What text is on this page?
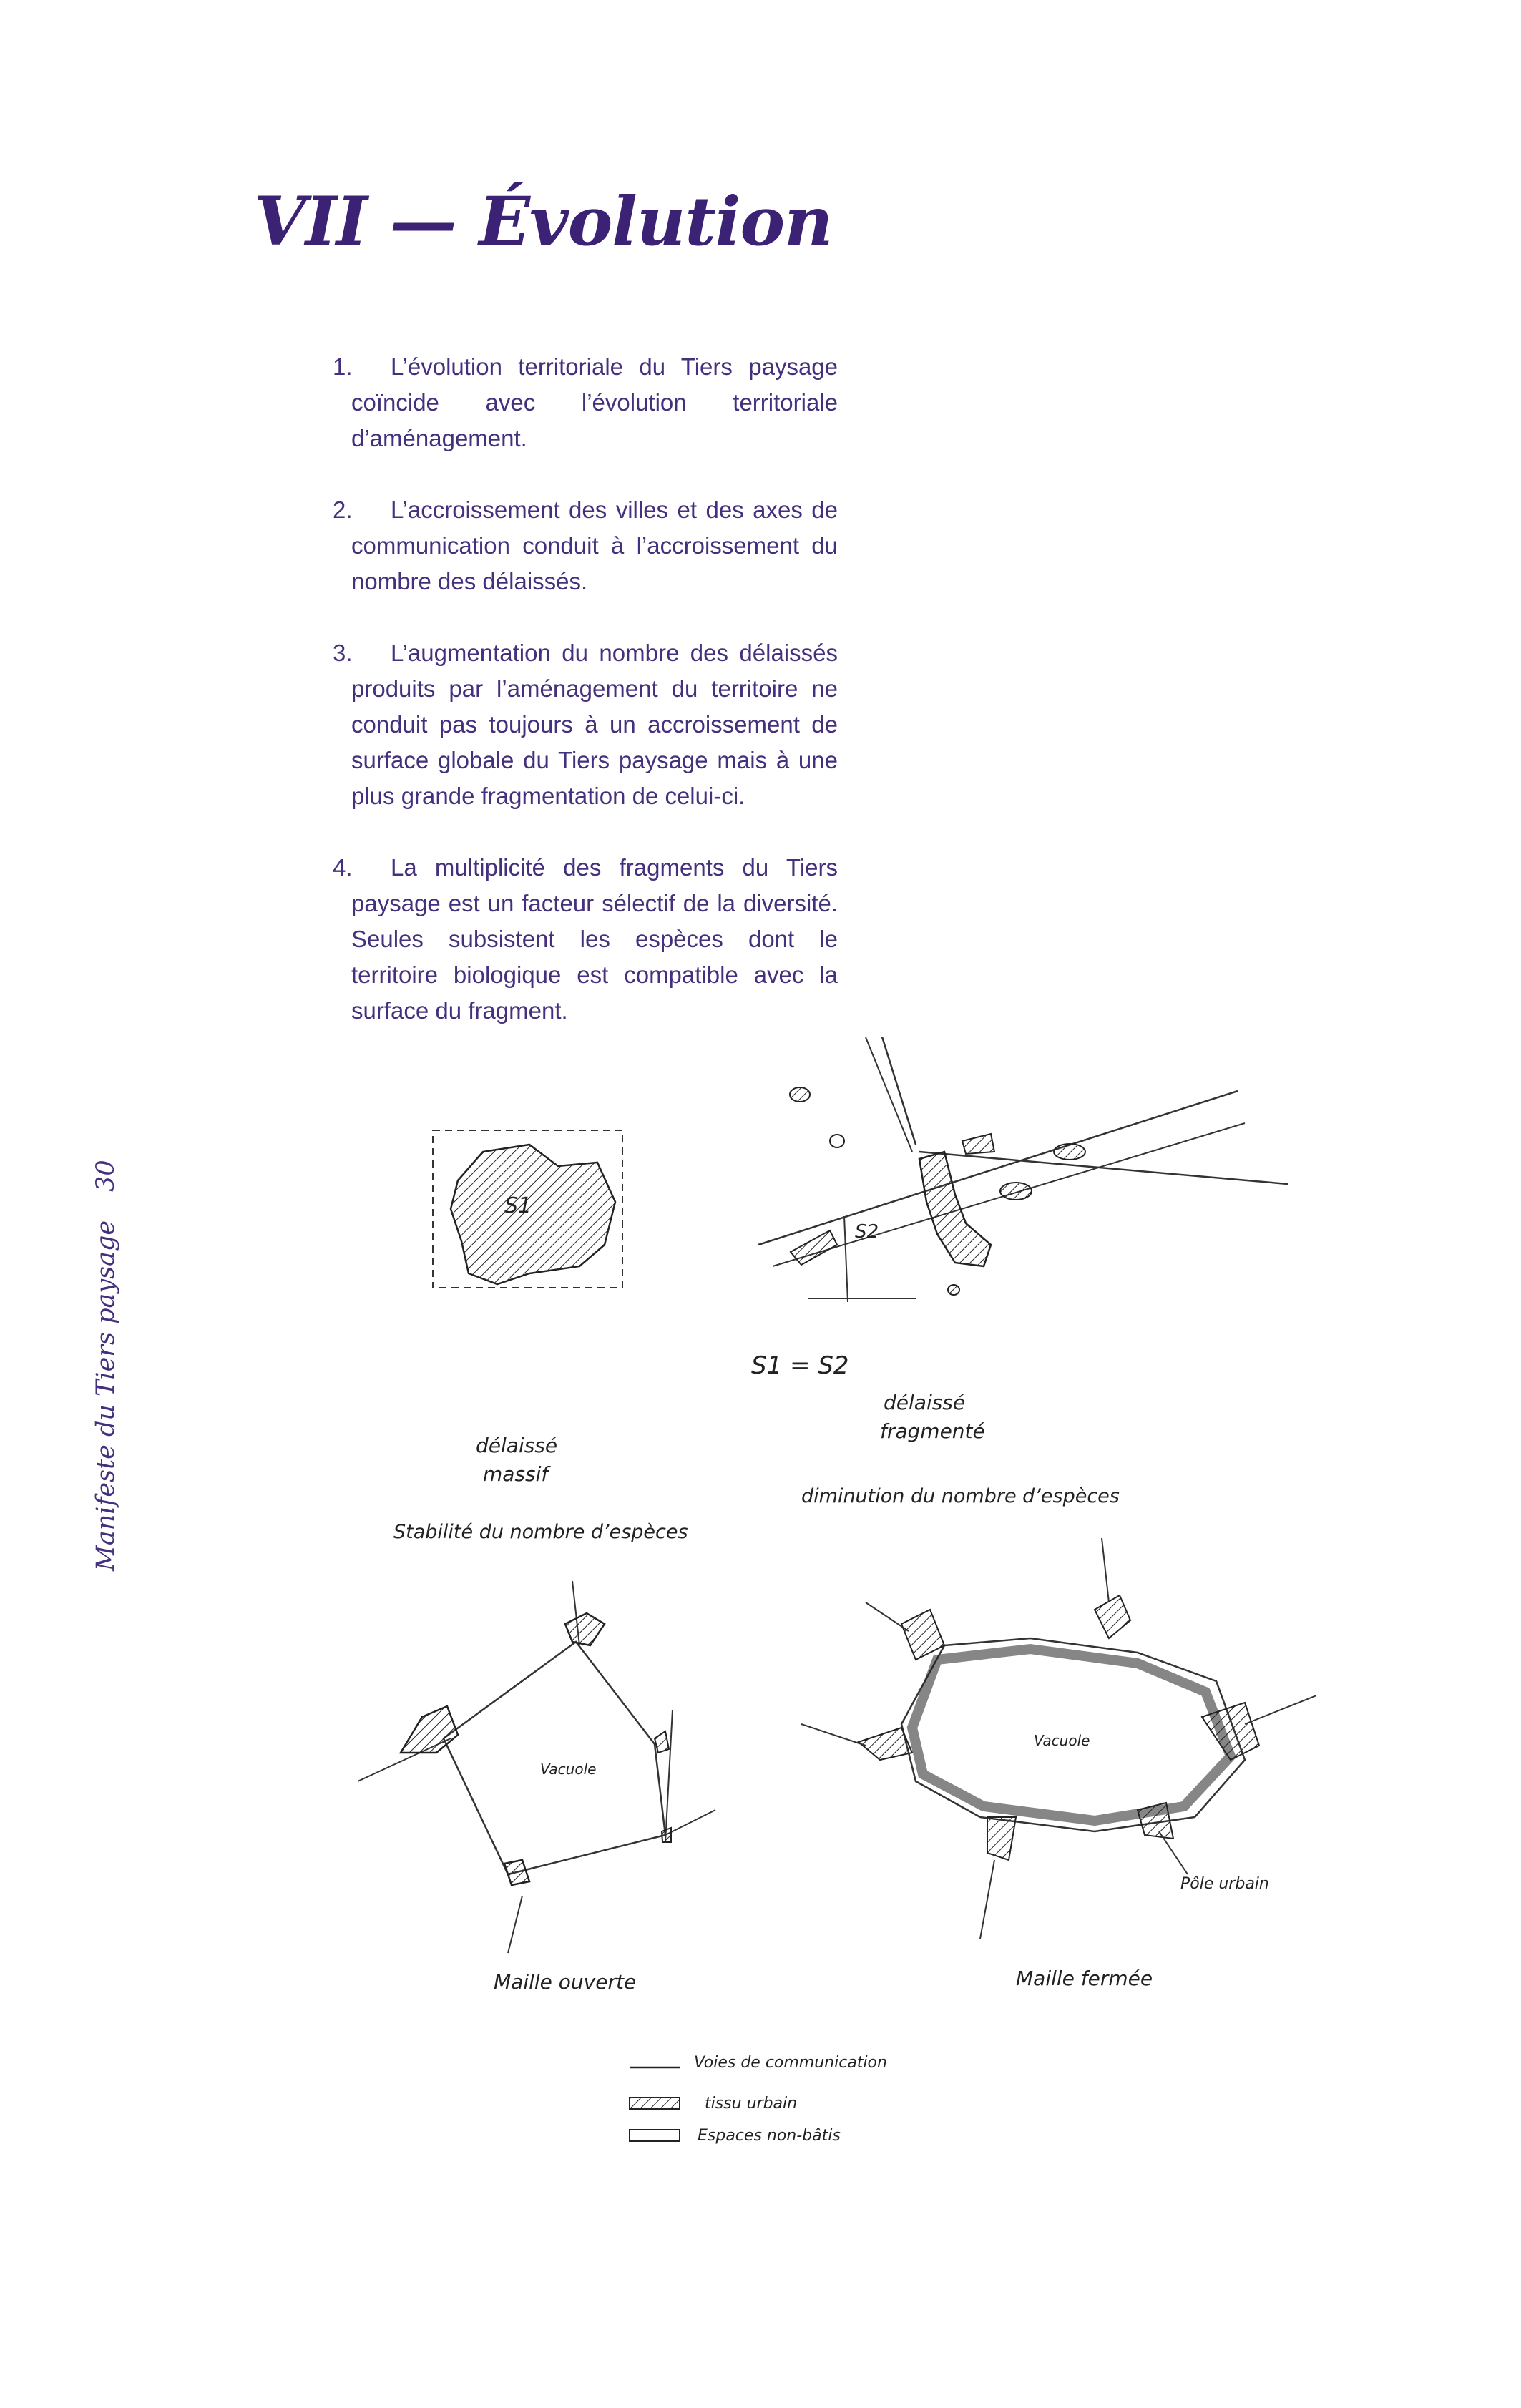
VII — Évolution
1.	L’évolution territoriale du Tiers paysage coïncide avec l’évolution territoriale d’aménagement.
2.	L’accroissement des villes et des axes de communication conduit à l’accroissement du nombre des délaissés.
3.	L’augmentation du nombre des délaissés produits par l’aménagement du territoire ne conduit pas toujours à un accroissement de surface globale du Tiers paysage mais à une plus grande fragmentation de celui-ci.
4.	La multiplicité des fragments du Tiers paysage est un facteur sélectif de la diversité. Seules subsistent les espèces dont le territoire biologique est compatible avec la surface du fragment.
Manifeste du Tiers paysage30
S1
S2
S1 = S2
délaissé
massif
Stabilité du nombre d’espèces
délaissé
fragmenté
diminution du nombre d’espèces
Vacuole
Vacuole
Pôle urbain
Maille ouverte	Maille fermée
Voies de communication
tissu urbain
Espaces non-bâtis
